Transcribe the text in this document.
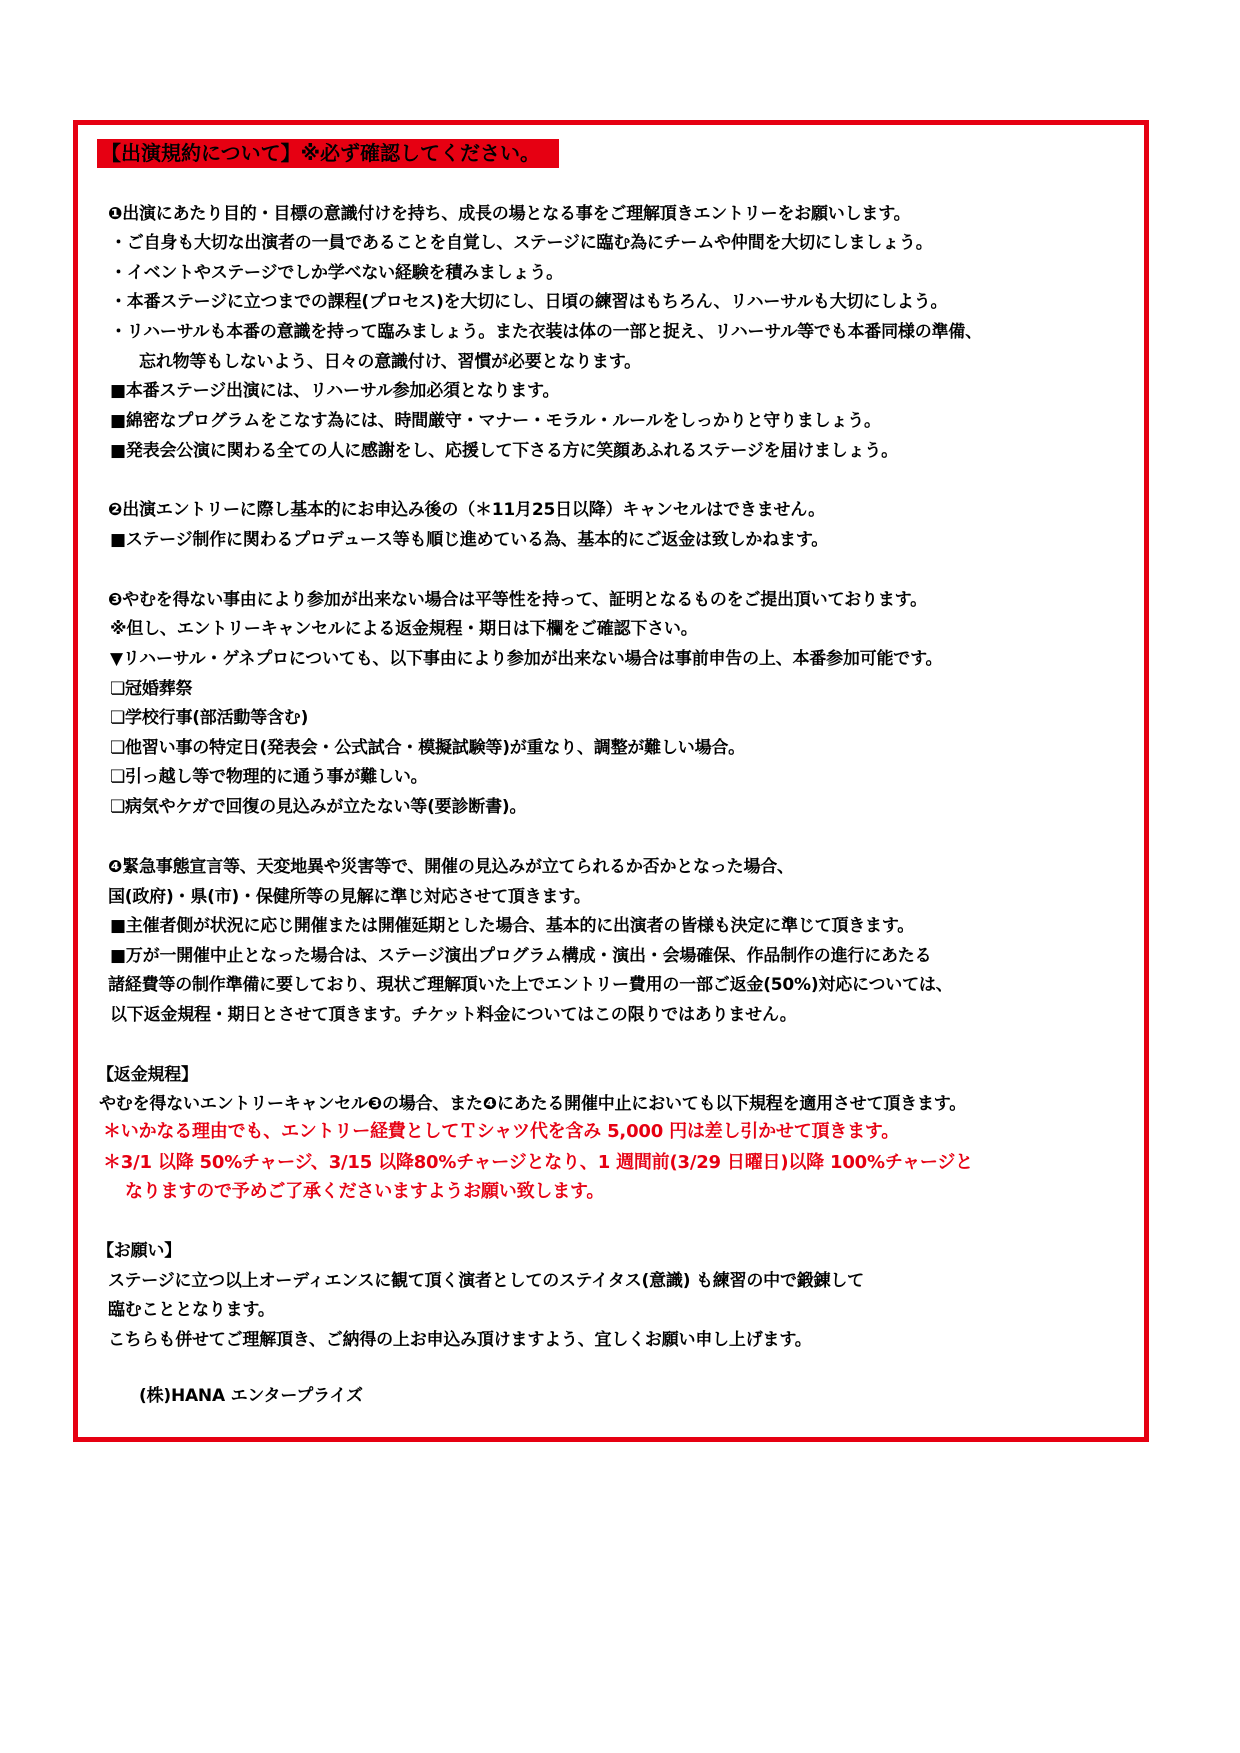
【出演規約について】※必ず確認してください。
❶出演にあたり目的・目標の意識付けを持ち、成長の場となる事をご理解頂きエントリーをお願いします。
・ご自身も大切な出演者の一員であることを自覚し、ステージに臨む為にチームや仲間を大切にしましょう。
・イベントやステージでしか学べない経験を積みましょう。
・本番ステージに立つまでの課程(プロセス)を大切にし、日頃の練習はもちろん、リハーサルも大切にしよう。
・リハーサルも本番の意識を持って臨みましょう。また衣装は体の一部と捉え、リハーサル等でも本番同様の準備、
忘れ物等もしないよう、日々の意識付け、習慣が必要となります。
■本番ステージ出演には、リハーサル参加必須となります。
■綿密なプログラムをこなす為には、時間厳守・マナー・モラル・ルールをしっかりと守りましょう。
■発表会公演に関わる全ての人に感謝をし、応援して下さる方に笑顔あふれるステージを届けましょう。
❷出演エントリーに際し基本的にお申込み後の（＊11月25日以降）キャンセルはできません。
■ステージ制作に関わるプロデュース等も順じ進めている為、基本的にご返金は致しかねます。
❸やむを得ない事由により参加が出来ない場合は平等性を持って、証明となるものをご提出頂いております。
※但し、エントリーキャンセルによる返金規程・期日は下欄をご確認下さい。
▼リハーサル・ゲネプロについても、以下事由により参加が出来ない場合は事前申告の上、本番参加可能です。
❏冠婚葬祭
❏学校行事(部活動等含む)
❏他習い事の特定日(発表会・公式試合・模擬試験等)が重なり、調整が難しい場合。
❏引っ越し等で物理的に通う事が難しい。
❏病気やケガで回復の見込みが立たない等(要診断書)。
❹緊急事態宣言等、天変地異や災害等で、開催の見込みが立てられるか否かとなった場合、
国(政府)・県(市)・保健所等の見解に準じ対応させて頂きます。
■主催者側が状況に応じ開催または開催延期とした場合、基本的に出演者の皆様も決定に準じて頂きます。
■万が一開催中止となった場合は、ステージ演出プログラム構成・演出・会場確保、作品制作の進行にあたる
諸経費等の制作準備に要しており、現状ご理解頂いた上でエントリー費用の一部ご返金(50%)対応については、
以下返金規程・期日とさせて頂きます。チケット料金についてはこの限りではありません。
【返金規程】
やむを得ないエントリーキャンセル❸の場合、また❹にあたる開催中止においても以下規程を適用させて頂きます。
＊いかなる理由でも、エントリー経費としてＴシャツ代を含み 5,000 円は差し引かせて頂きます。
＊3/1 以降 50%チャージ、3/15 以降80%チャージとなり、1 週間前(3/29 日曜日)以降 100%チャージと
なりますので予めご了承くださいますようお願い致します。
【お願い】
ステージに立つ以上オーディエンスに観て頂く演者としてのステイタス(意識) も練習の中で鍛錬して
臨むこととなります。
こちらも併せてご理解頂き、ご納得の上お申込み頂けますよう、宜しくお願い申し上げます。
(株)HANA エンタープライズ
